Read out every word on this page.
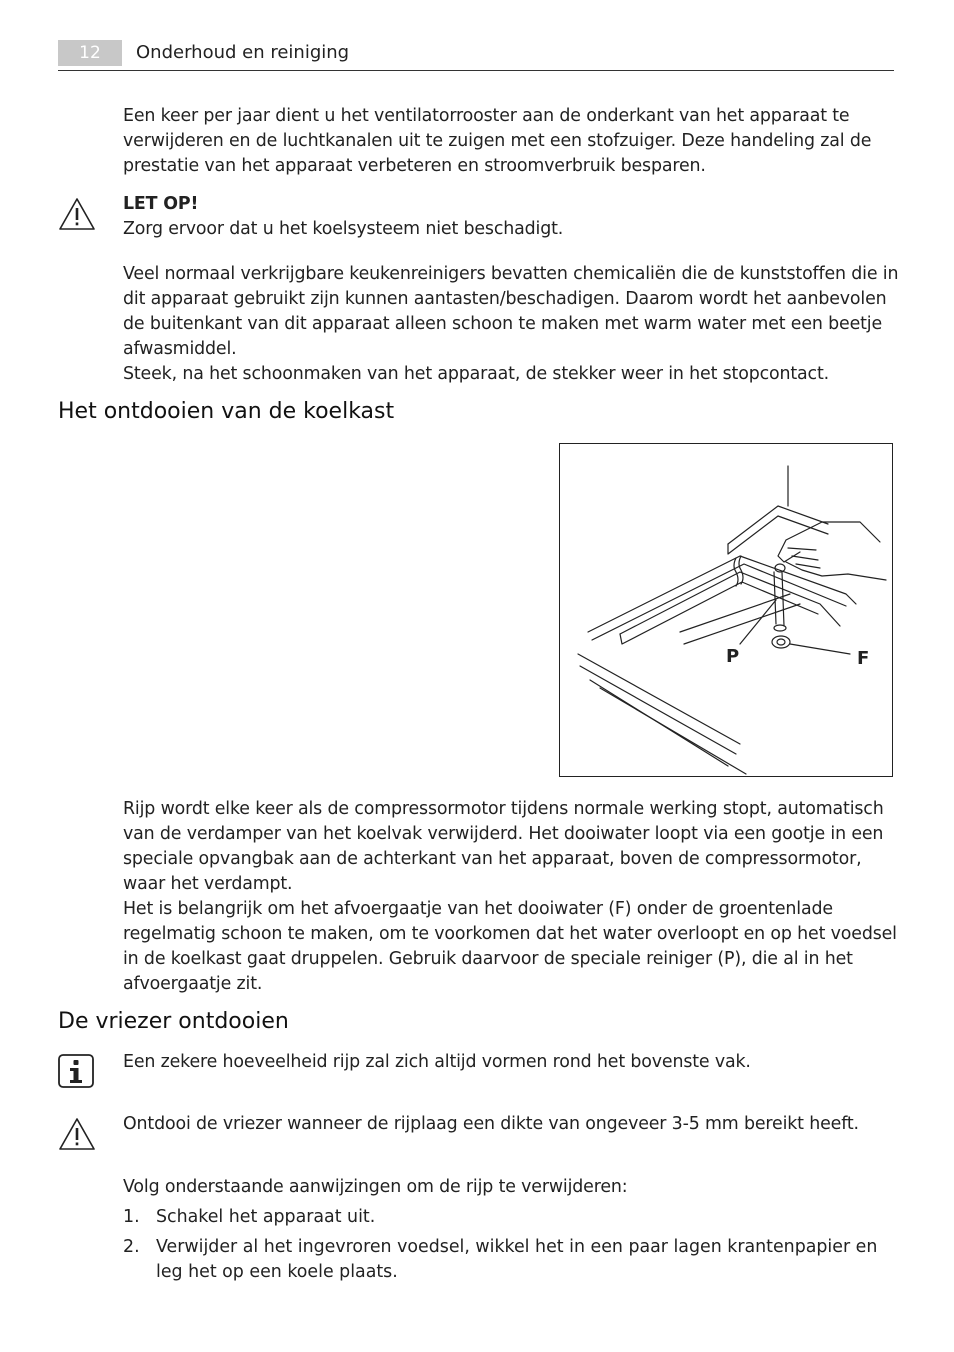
12	Onderhoud en reiniging

Een keer per jaar dient u het ventilatorrooster aan de onderkant van het apparaat te verwijderen en de luchtkanalen uit te zuigen met een stofzuiger. Deze handeling zal de prestatie van het apparaat verbeteren en stroomverbruik besparen.

LET OP!

Zorg ervoor dat u het koelsysteem niet beschadigt.

Veel normaal verkrijgbare keukenreinigers bevatten chemicaliën die de kunststoffen die in dit apparaat gebruikt zijn kunnen aantasten/beschadigen. Daarom wordt het aanbevolen de buitenkant van dit apparaat alleen schoon te maken met warm water met een beetje afwasmiddel.

Steek, na het schoonmaken van het apparaat, de stekker weer in het stopcontact.

Het ontdooien van de koelkast
P	F

Rijp wordt elke keer als de compressormotor tijdens normale werking stopt, automatisch van de verdamper van het koelvak verwijderd. Het dooiwater loopt via een gootje in een speciale opvangbak aan de achterkant van het apparaat, boven de compressormotor, waar het verdampt.

Het is belangrijk om het afvoergaatje van het dooiwater (F) onder de groentenlade regelmatig schoon te maken, om te voorkomen dat het water overloopt en op het voedsel in de koelkast gaat druppelen. Gebruik daarvoor de speciale reiniger (P), die al in het afvoergaatje zit.

De vriezer ontdooien

Een zekere hoeveelheid rijp zal zich altijd vormen rond het bovenste vak.

Ontdooi de vriezer wanneer de rijplaag een dikte van ongeveer 3-5 mm bereikt heeft.

Volg onderstaande aanwijzingen om de rijp te verwijderen:

1. Schakel het apparaat uit.
2. Verwijder al het ingevroren voedsel, wikkel het in een paar lagen krantenpapier en leg het op een koele plaats.
